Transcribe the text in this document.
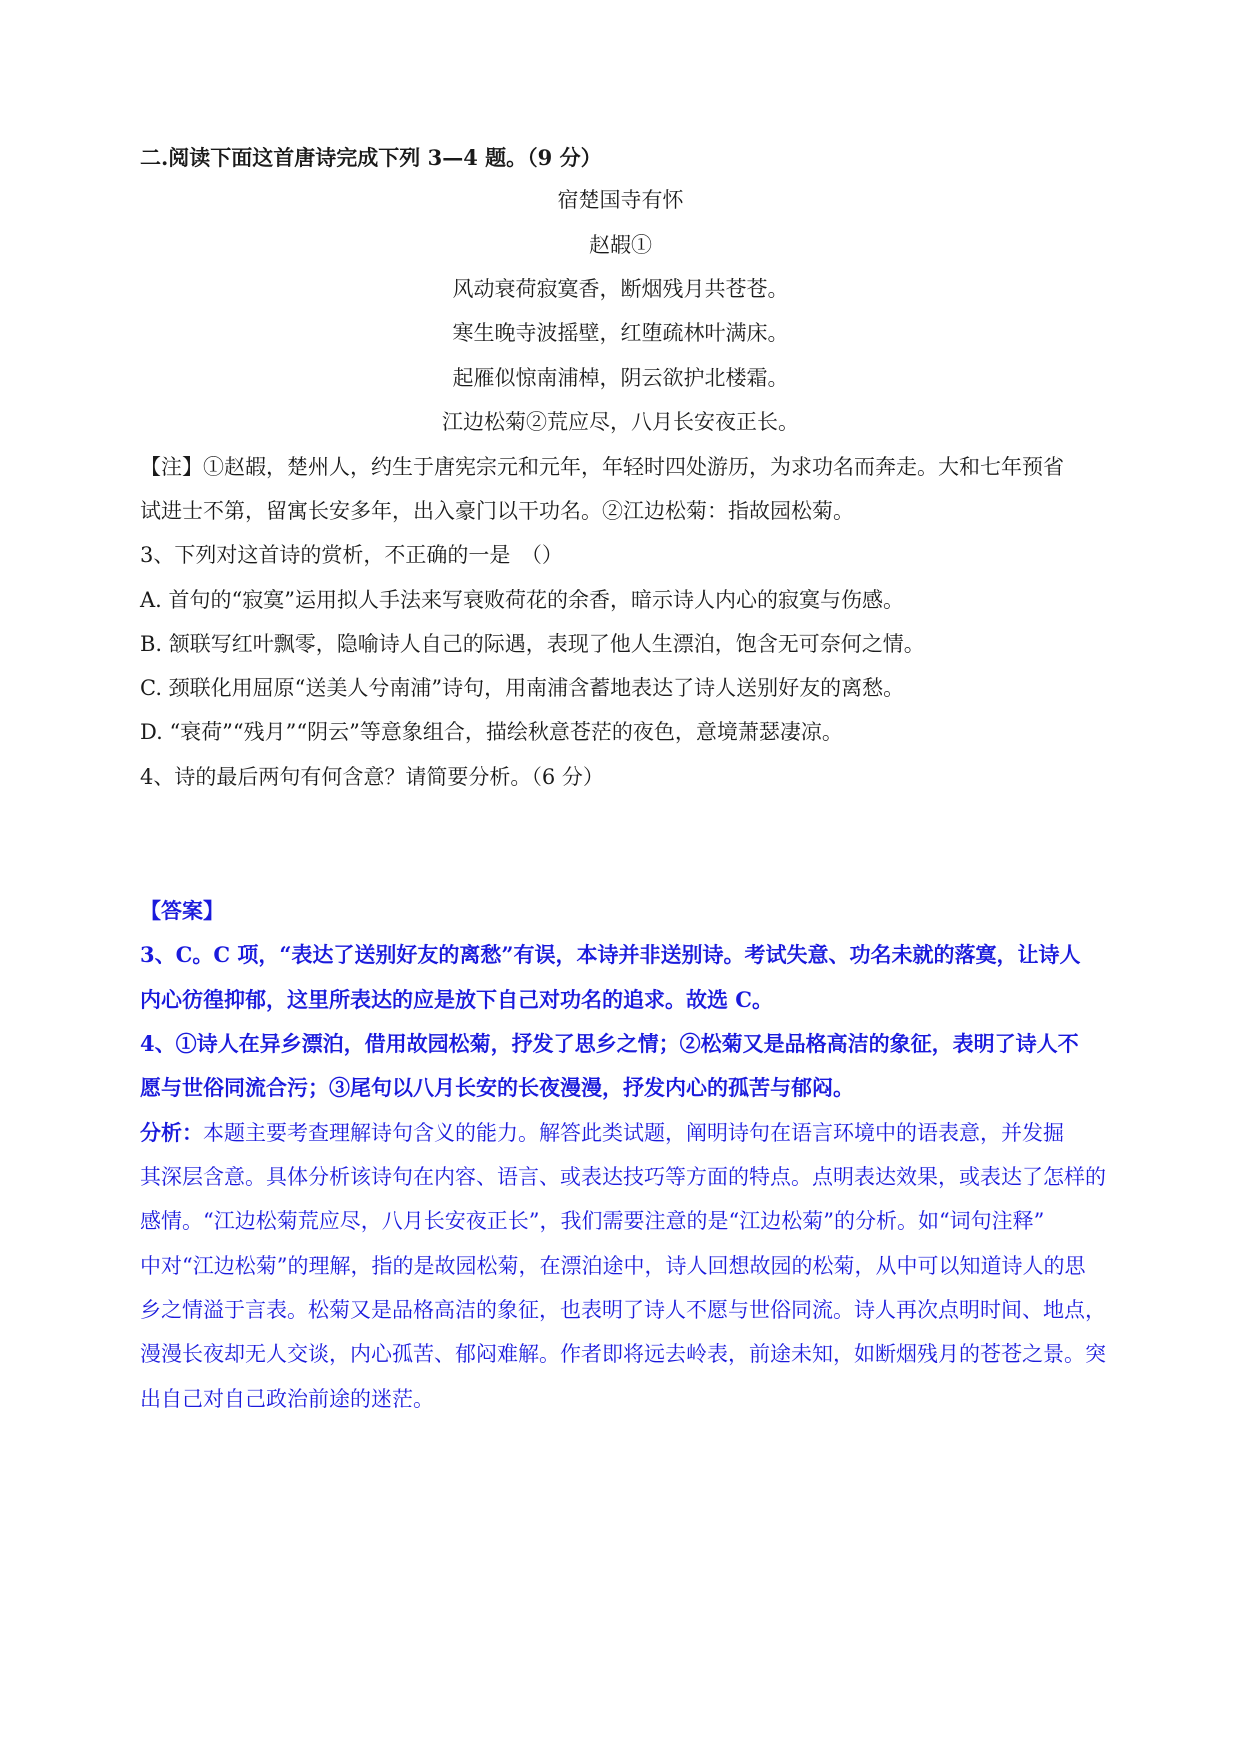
二.阅读下面这首唐诗完成下列 3—4 题。（9 分）
宿楚国寺有怀
赵嘏①
风动衰荷寂寞香，断烟残月共苍苍。
寒生晚寺波摇壁，红堕疏林叶满床。
起雁似惊南浦棹，阴云欲护北楼霜。
江边松菊②荒应尽，八月长安夜正长。
【注】①赵嘏，楚州人，约生于唐宪宗元和元年，年轻时四处游历，为求功名而奔走。大和七年预省
试进士不第，留寓长安多年，出入豪门以干功名。②江边松菊：指故园松菊。
3、下列对这首诗的赏析，不正确的一是　（）
A. 首句的“寂寞”运用拟人手法来写衰败荷花的余香，暗示诗人内心的寂寞与伤感。
B. 颔联写红叶飘零，隐喻诗人自己的际遇，表现了他人生漂泊，饱含无可奈何之情。
C. 颈联化用屈原“送美人兮南浦”诗句，用南浦含蓄地表达了诗人送别好友的离愁。
D. “衰荷”“残月”“阴云”等意象组合，描绘秋意苍茫的夜色，意境萧瑟凄凉。
4、诗的最后两句有何含意？请简要分析。（6 分）
【答案】
3、C。C 项，“表达了送别好友的离愁”有误，本诗并非送别诗。考试失意、功名未就的落寞，让诗人
内心彷徨抑郁，这里所表达的应是放下自己对功名的追求。故选 C。
4、①诗人在异乡漂泊，借用故园松菊，抒发了思乡之情；②松菊又是品格高洁的象征，表明了诗人不
愿与世俗同流合污；③尾句以八月长安的长夜漫漫，抒发内心的孤苦与郁闷。
分析：本题主要考查理解诗句含义的能力。解答此类试题，阐明诗句在语言环境中的语表意，并发掘
其深层含意。具体分析该诗句在内容、语言、或表达技巧等方面的特点。点明表达效果，或表达了怎样的
感情。“江边松菊荒应尽，八月长安夜正长”，我们需要注意的是“江边松菊”的分析。如“词句注释”
中对“江边松菊”的理解，指的是故园松菊，在漂泊途中，诗人回想故园的松菊，从中可以知道诗人的思
乡之情溢于言表。松菊又是品格高洁的象征，也表明了诗人不愿与世俗同流。诗人再次点明时间、地点，
漫漫长夜却无人交谈，内心孤苦、郁闷难解。作者即将远去岭表，前途未知，如断烟残月的苍苍之景。突
出自己对自己政治前途的迷茫。
